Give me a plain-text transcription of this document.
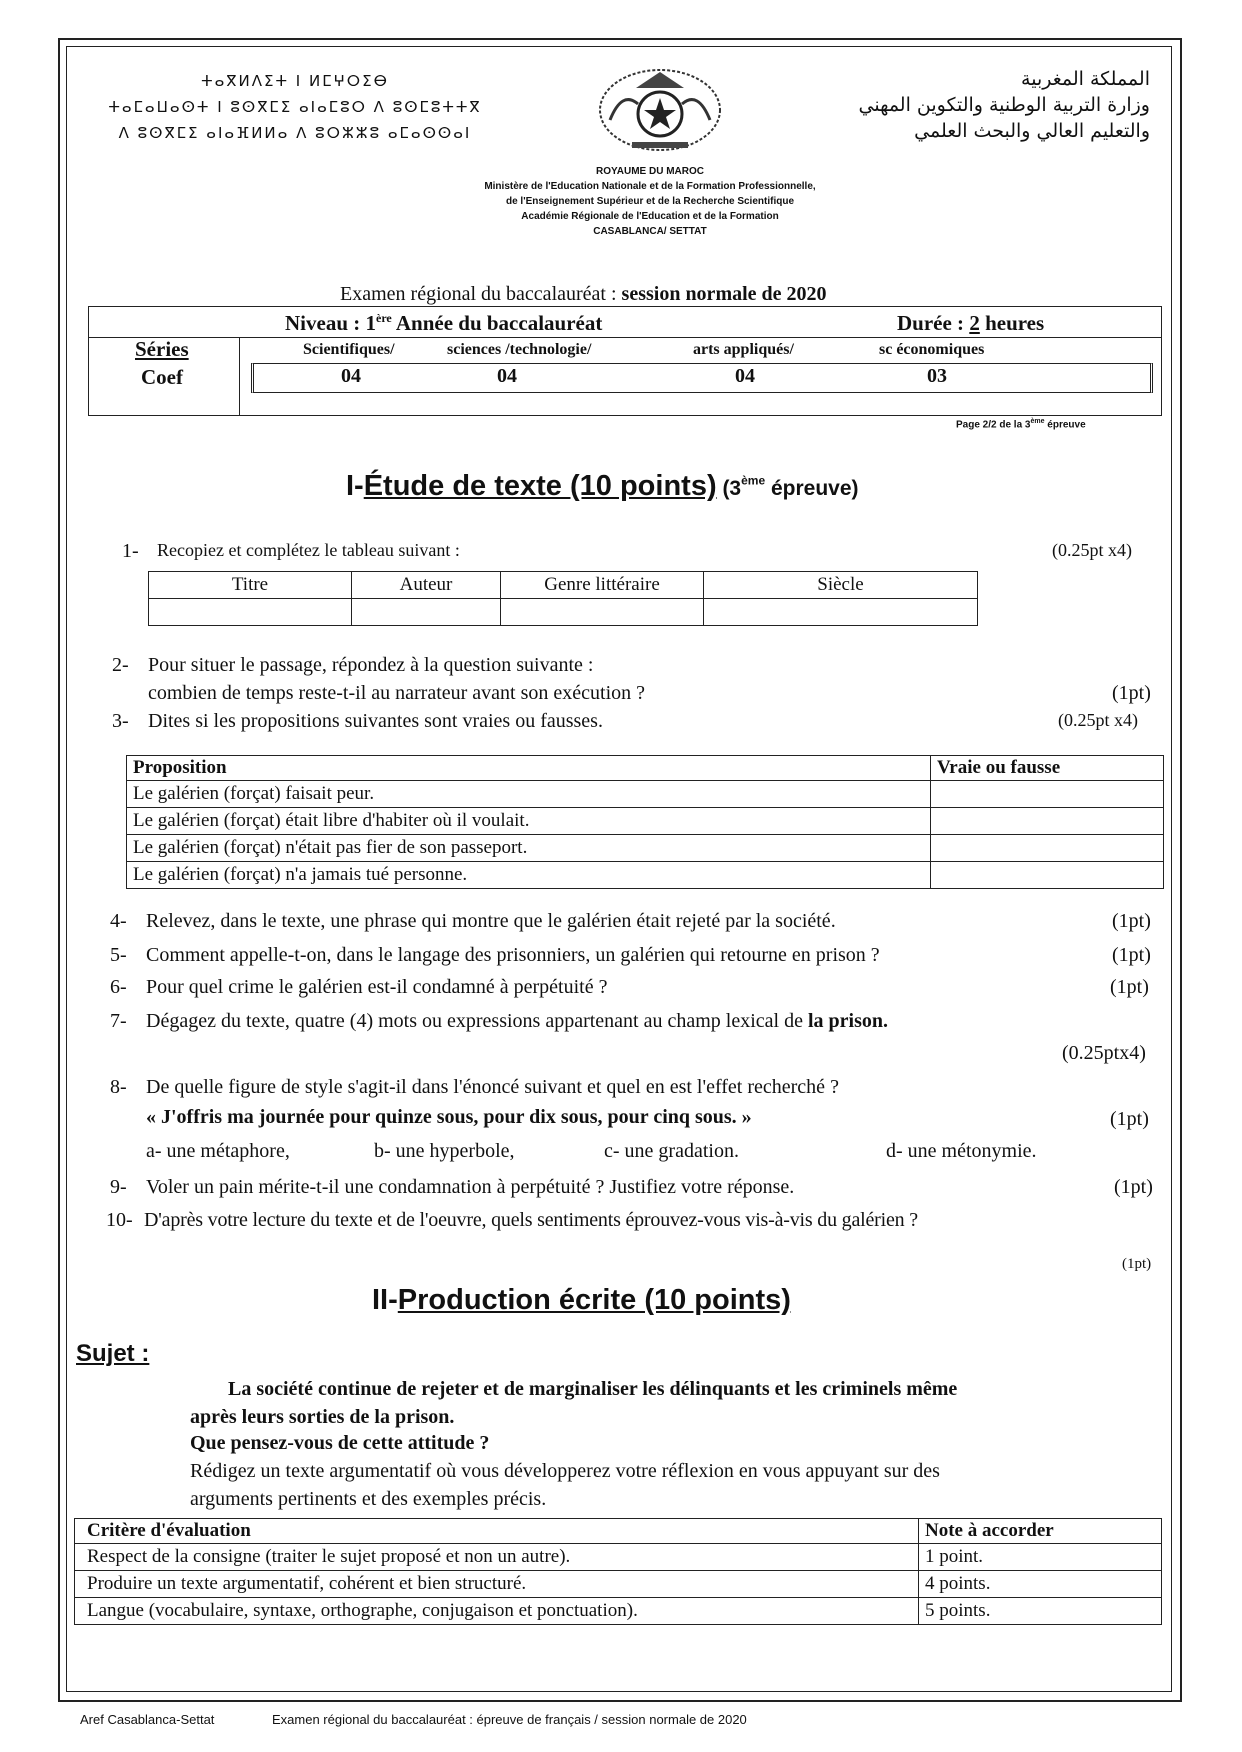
ⵜⴰⴳⵍⴷⵉⵜ ⵏ ⵍⵎⵖⵔⵉⴱ
ⵜⴰⵎⴰⵡⴰⵙⵜ ⵏ ⵓⵙⴳⵎⵉ ⴰⵏⴰⵎⵓⵔ ⴷ ⵓⵙⵎⵓⵜⵜⴳ
ⴷ ⵓⵙⴳⵎⵉ ⴰⵏⴰⴼⵍⵍⴰ ⴷ ⵓⵔⵣⵣⵓ ⴰⵎⴰⵙⵙⴰⵏ
المملكة المغربية
وزارة التربية الوطنية والتكوين المهني
والتعليم العالي والبحث العلمي
ROYAUME DU MAROC
Ministère de l'Education Nationale et de la Formation Professionnelle,
de l'Enseignement Supérieur et de la Recherche Scientifique
Académie Régionale de l'Education et de la Formation
CASABLANCA/ SETTAT
Examen régional du baccalauréat : session normale de 2020
Niveau : 1ère Année du baccalauréat	Durée : 2 heures
Séries
Coef
Scientifiques/	sciences /technologie/	arts appliqués/	sc économiques
04	04	04	03
Page 2/2 de la 3ème épreuve
I-Étude de texte (10 points) (3ème épreuve)
1- Recopiez et complétez le tableau suivant :	(0.25pt x4)
Titre	Auteur	Genre littéraire	Siècle

2- Pour situer le passage, répondez à la question suivante :
combien de temps reste-t-il au narrateur avant son exécution ?	(1pt)
3- Dites si les propositions suivantes sont vraies ou fausses.	(0.25pt x4)
Proposition	Vraie ou fausse
Le galérien (forçat) faisait peur.	
Le galérien (forçat) était libre d'habiter où il voulait.	
Le galérien (forçat) n'était pas fier de son passeport.	
Le galérien (forçat) n'a jamais tué personne.	
4- Relevez, dans le texte, une phrase qui montre que le galérien était rejeté par la société.	(1pt)
5- Comment appelle-t-on, dans le langage des prisonniers, un galérien qui retourne en prison ?	(1pt)
6- Pour quel crime le galérien est-il condamné à perpétuité ?	(1pt)
7- Dégagez du texte, quatre (4) mots ou expressions appartenant au champ lexical de la prison.
(0.25ptx4)
8- De quelle figure de style s'agit-il dans l'énoncé suivant et quel en est l'effet recherché ?
« J'offris ma journée pour quinze sous, pour dix sous, pour cinq sous. »	(1pt)
a- une métaphore,	b- une hyperbole,	c- une gradation.	d- une métonymie.
9- Voler un pain mérite-t-il une condamnation à perpétuité ? Justifiez votre réponse.	(1pt)
10- D'après votre lecture du texte et de l'oeuvre, quels sentiments éprouvez-vous vis-à-vis du galérien ?
(1pt)
II-Production écrite (10 points)
Sujet :
La société continue de rejeter et de marginaliser les délinquants et les criminels même
après leurs sorties de la prison.
Que pensez-vous de cette attitude ?
Rédigez un texte argumentatif où vous développerez votre réflexion en vous appuyant sur des
arguments pertinents et des exemples précis.
Critère d'évaluation	Note à accorder
Respect de la consigne (traiter le sujet proposé et non un autre).	1 point.
Produire un texte argumentatif, cohérent et bien structuré.	4 points.
Langue (vocabulaire, syntaxe, orthographe, conjugaison et ponctuation).	5 points.
Aref Casablanca-Settat	Examen régional du baccalauréat : épreuve de français / session normale de 2020
